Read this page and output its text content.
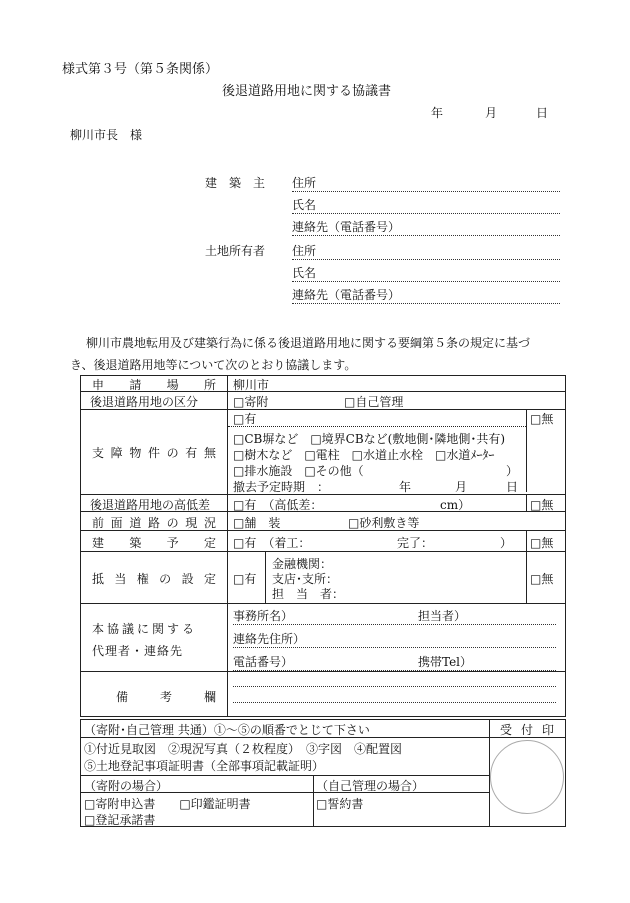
様式第３号（第５条関係）
後退道路用地に関する協議書
年	月	日
柳川市長　様
建　築　主 住所
氏名
連絡先（電話番号）
土地所有者 住所
氏名
連絡先（電話番号）
柳川市農地転用及び建築行為に係る後退道路用地に関する要綱第５条の規定に基づ
き、後退道路用地等について次のとおり協議します。
申 請 場 所 柳川市
後退道路用地の区分	□寄附	□自己管理
支 障 物 件 の 有 無
□有	□無
□CB塀など　□境界CBなど(敷地側･隣地側･共有)
□樹木など　□電柱　□水道止水栓　□水道ﾒｰﾀｰ
□排水施設　□その他（	）
撤去予定時期　：	年	月	日
後退道路用地の高低差 □有　（高低差：	cm）	□無
前 面 道 路 の 現 況 □舗　装	□砂利敷き等
建 築 予 定 □有　（着工：	完了：	） □無
抵 当 権 の 設 定 □有
金融機関：
支店･支所：
担　当　者：
□無
本協議に関する
代理者・連絡先
事務所名）	担当者）
連絡先住所）
電話番号）	携帯Tel）
備	考	欄
（寄附･自己管理 共通）①～⑤の順番でとじて下さい
①付近見取図　②現況写真（２枚程度）　③字図　④配置図
⑤土地登記事項証明書（全部事項記載証明）
（寄附の場合）
□寄附申込書　　□印鑑証明書
□登記承諾書
（自己管理の場合）
□誓約書
受 付 印
